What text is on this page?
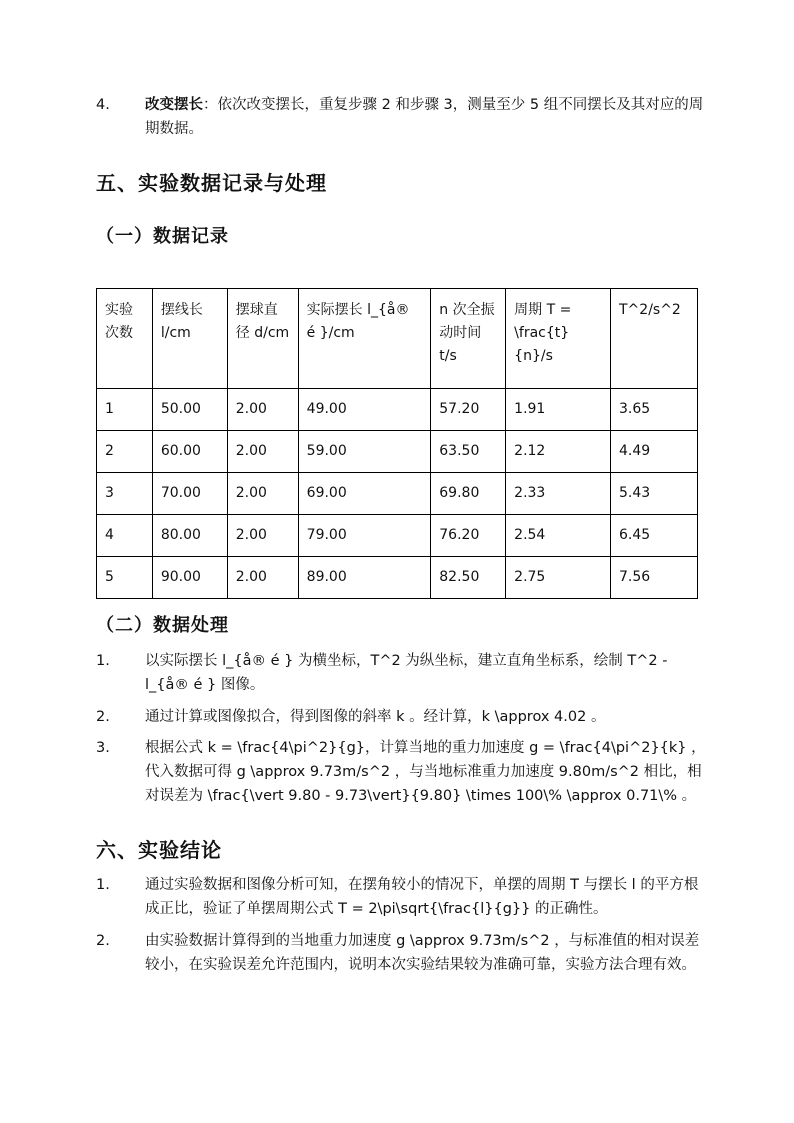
4.	改变摆长：依次改变摆长，重复步骤 2 和步骤 3，测量至少 5 组不同摆长及其对应的周期数据。
五、实验数据记录与处理
（一）数据记录
实验次数	摆线长 l/cm	摆球直径 d/cm	实际摆长 l_{å® é }/cm	n 次全振动时间 t/s	周期 T = \frac{t}{n}/s	T^2/s^2
1	50.00	2.00	49.00	57.20	1.91	3.65
2	60.00	2.00	59.00	63.50	2.12	4.49
3	70.00	2.00	69.00	69.80	2.33	5.43
4	80.00	2.00	79.00	76.20	2.54	6.45
5	90.00	2.00	89.00	82.50	2.75	7.56
（二）数据处理
1.	以实际摆长 l_{å® é } 为横坐标，T^2 为纵坐标，建立直角坐标系，绘制 T^2 - l_{å® é } 图像。
2.	通过计算或图像拟合，得到图像的斜率 k 。经计算，k \approx 4.02 。
3.	根据公式 k = \frac{4\pi^2}{g}，计算当地的重力加速度 g = \frac{4\pi^2}{k} ，代入数据可得 g \approx 9.73m/s^2 ，与当地标准重力加速度 9.80m/s^2 相比，相对误差为 \frac{\vert 9.80 - 9.73\vert}{9.80} \times 100\% \approx 0.71\% 。
六、实验结论
1.	通过实验数据和图像分析可知，在摆角较小的情况下，单摆的周期 T 与摆长 l 的平方根成正比，验证了单摆周期公式 T = 2\pi\sqrt{\frac{l}{g}} 的正确性。
2.	由实验数据计算得到的当地重力加速度 g \approx 9.73m/s^2 ，与标准值的相对误差较小，在实验误差允许范围内，说明本次实验结果较为准确可靠，实验方法合理有效。
